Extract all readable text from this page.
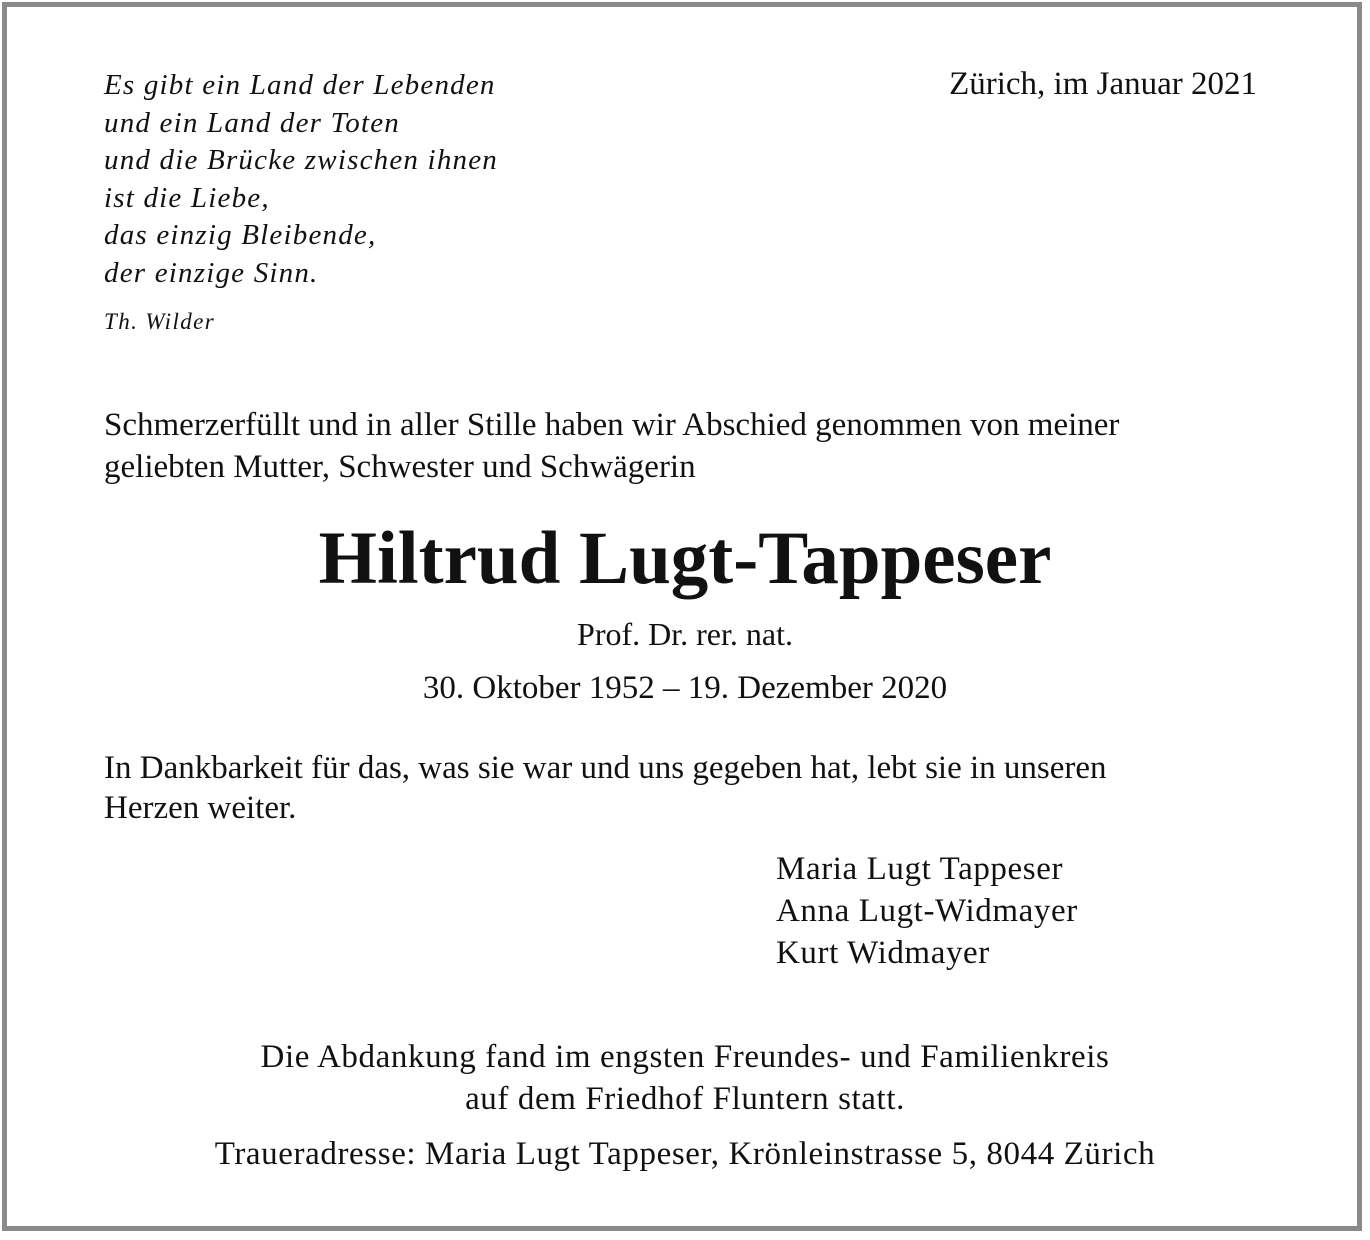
Es gibt ein Land der Lebenden
und ein Land der Toten
und die Brücke zwischen ihnen
ist die Liebe,
das einzig Bleibende,
der einzige Sinn.
Th. Wilder
Zürich, im Januar 2021
Schmerzerfüllt und in aller Stille haben wir Abschied genommen von meiner
geliebten Mutter, Schwester und Schwägerin
Hiltrud Lugt-Tappeser
Prof. Dr. rer. nat.
30. Oktober 1952 – 19. Dezember 2020
In Dankbarkeit für das, was sie war und uns gegeben hat, lebt sie in unseren
Herzen weiter.
Maria Lugt Tappeser
Anna Lugt-Widmayer
Kurt Widmayer
Die Abdankung fand im engsten Freundes- und Familienkreis
auf dem Friedhof Fluntern statt.
Traueradresse: Maria Lugt Tappeser, Krönleinstrasse 5, 8044 Zürich
